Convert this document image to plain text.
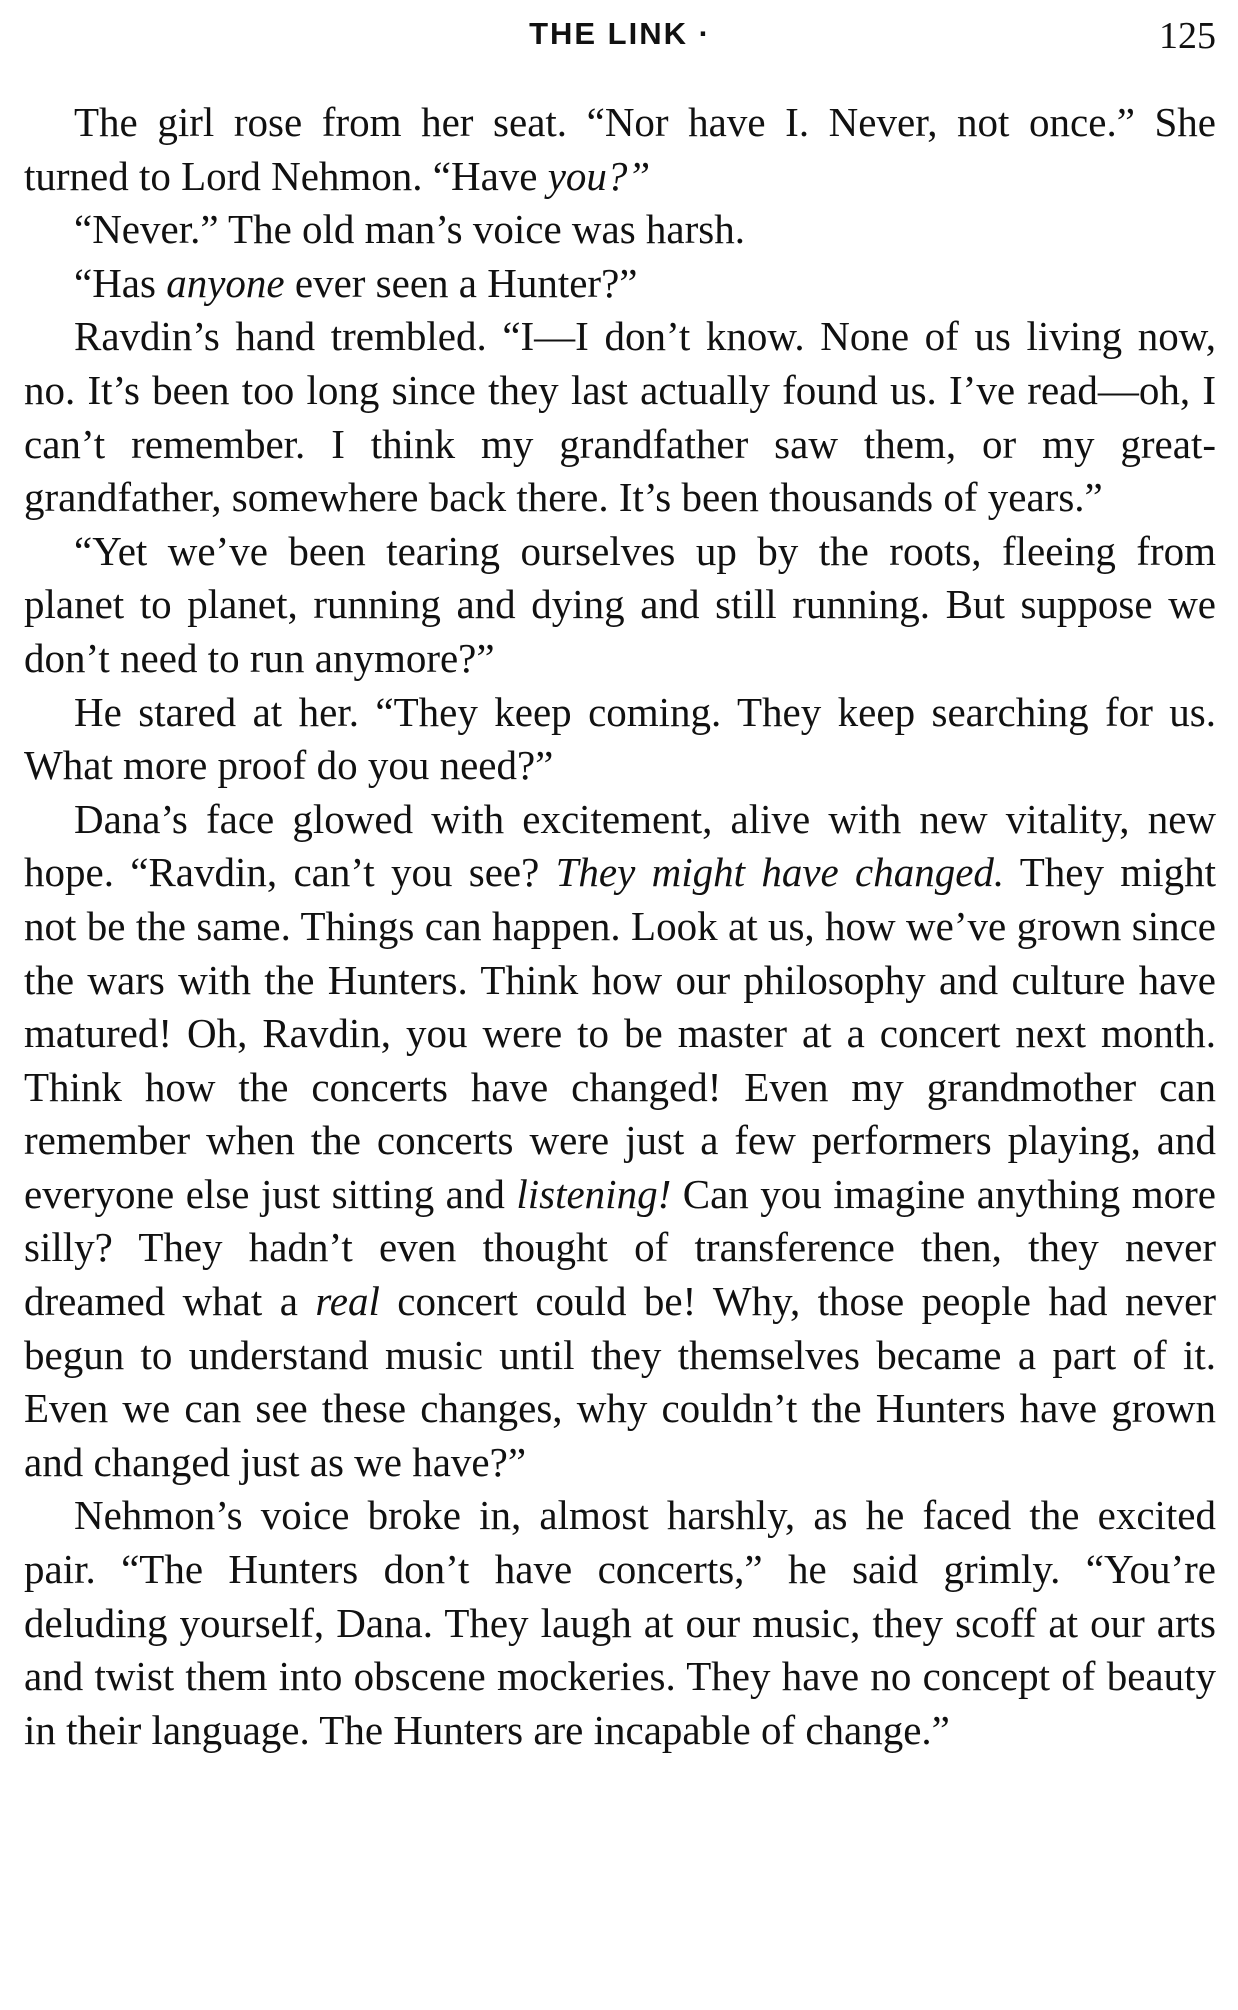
THE LINK ·	125

The girl rose from her seat. “Nor have I. Never, not once.” She turned to Lord Nehmon. “Have you?”

“Never.” The old man’s voice was harsh.

“Has anyone ever seen a Hunter?”

Ravdin’s hand trembled. “I—I don’t know. None of us living now, no. It’s been too long since they last actually found us. I’ve read—oh, I can’t remember. I think my grandfather saw them, or my great-grandfather, somewhere back there. It’s been thousands of years.”

“Yet we’ve been tearing ourselves up by the roots, fleeing from planet to planet, running and dying and still running. But suppose we don’t need to run anymore?”

He stared at her. “They keep coming. They keep searching for us. What more proof do you need?”

Dana’s face glowed with excitement, alive with new vitality, new hope. “Ravdin, can’t you see? They might have changed. They might not be the same. Things can happen. Look at us, how we’ve grown since the wars with the Hunters. Think how our philosophy and culture have matured! Oh, Ravdin, you were to be master at a concert next month. Think how the concerts have changed! Even my grandmother can remember when the concerts were just a few performers playing, and everyone else just sitting and listening! Can you imagine anything more silly? They hadn’t even thought of transference then, they never dreamed what a real concert could be! Why, those people had never begun to understand music until they themselves became a part of it. Even we can see these changes, why couldn’t the Hunters have grown and changed just as we have?”

Nehmon’s voice broke in, almost harshly, as he faced the excited pair. “The Hunters don’t have concerts,” he said grimly. “You’re deluding yourself, Dana. They laugh at our music, they scoff at our arts and twist them into obscene mockeries. They have no concept of beauty in their language. The Hunters are incapable of change.”
